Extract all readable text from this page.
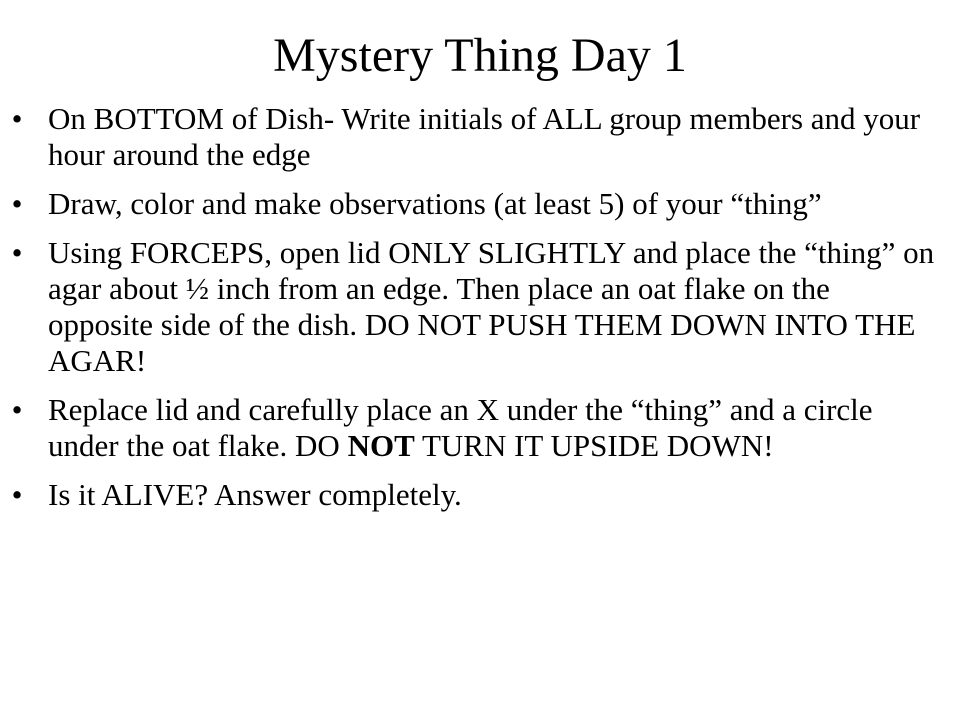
Mystery Thing Day 1
• On BOTTOM of Dish- Write initials of ALL group members and your hour around the edge
• Draw, color and make observations (at least 5) of your “thing”
• Using FORCEPS, open lid ONLY SLIGHTLY and place the “thing” on agar about ½ inch from an edge. Then place an oat flake on the opposite side of the dish. DO NOT PUSH THEM DOWN INTO THE AGAR!
• Replace lid and carefully place an X under the “thing” and a circle under the oat flake. DO NOT TURN IT UPSIDE DOWN!
• Is it ALIVE? Answer completely.
